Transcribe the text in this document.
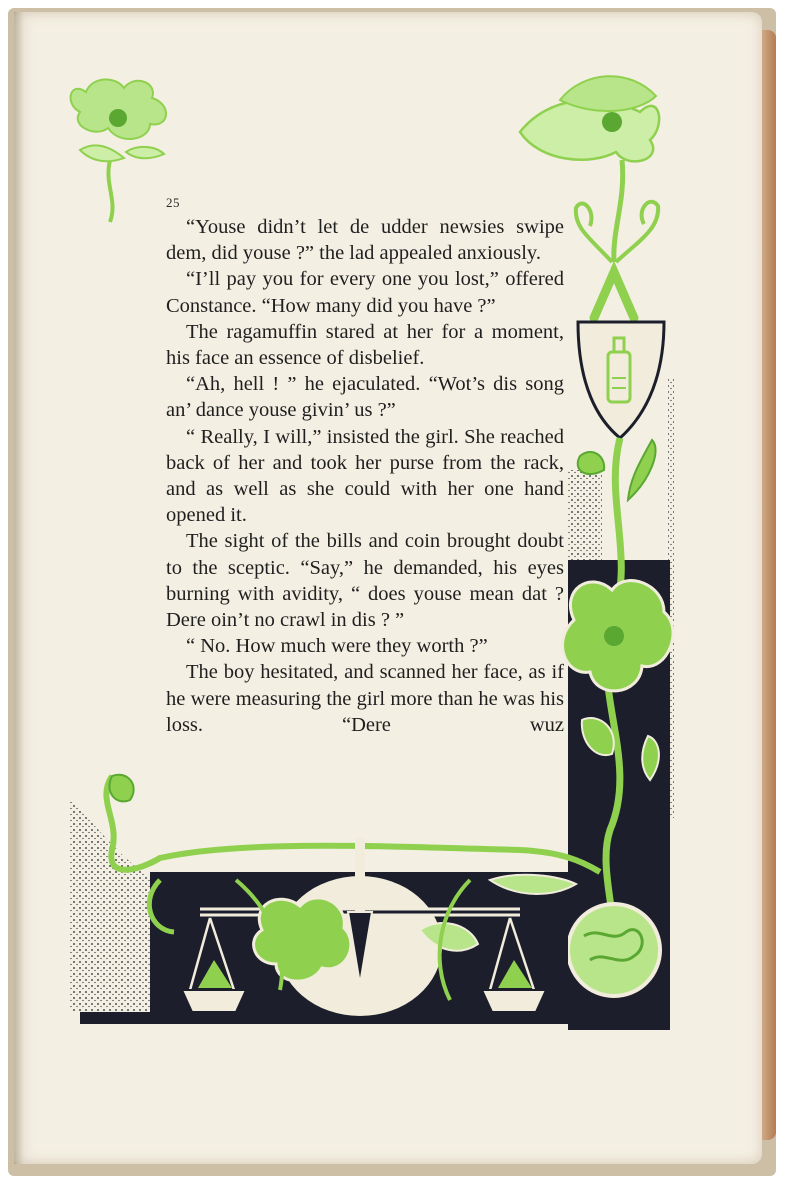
25

“Youse didn’t let de udder newsies swipe dem, did youse ?” the lad appealed anxiously.

“I’ll pay you for every one you lost,” offered Constance. “How many did you have ?”

The ragamuffin stared at her for a moment, his face an essence of disbelief.

“Ah, hell ! ” he ejaculated. “Wot’s dis song an’ dance youse givin’ us ?”

“ Really, I will,” insisted the girl. She reached back of her and took her purse from the rack, and as well as she could with her one hand opened it.

The sight of the bills and coin brought doubt to the sceptic. “Say,” he demanded, his eyes burning with avidity, “ does youse mean dat ? Dere oin’t no crawl in dis ? ”

“ No. How much were they worth ?”

The boy hesitated, and scanned her face, as if he were measuring the girl more than he was his loss. “Dere wuz
